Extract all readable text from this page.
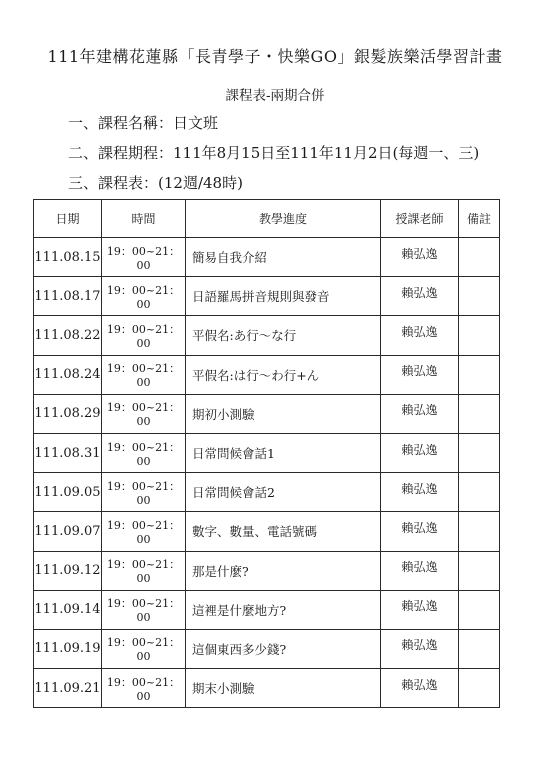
111年建構花蓮縣「長青學子・快樂GO」銀髮族樂活學習計畫
課程表-兩期合併
一、課程名稱：日文班
二、課程期程：111年8月15日至111年11月2日(每週一、三)
三、課程表：(12週/48時)
日期	時間	教學進度	授課老師	備註
111.08.15	19：00~21：00	簡易自我介紹	賴弘逸	
111.08.17	19：00~21：00	日語羅馬拼音規則與發音	賴弘逸	
111.08.22	19：00~21：00	平假名:あ行～な行	賴弘逸	
111.08.24	19：00~21：00	平假名:は行～わ行+ん	賴弘逸	
111.08.29	19：00~21：00	期初小測驗	賴弘逸	
111.08.31	19：00~21：00	日常問候會話1	賴弘逸	
111.09.05	19：00~21：00	日常問候會話2	賴弘逸	
111.09.07	19：00~21：00	數字、數量、電話號碼	賴弘逸	
111.09.12	19：00~21：00	那是什麼?	賴弘逸	
111.09.14	19：00~21：00	這裡是什麼地方?	賴弘逸	
111.09.19	19：00~21：00	這個東西多少錢?	賴弘逸	
111.09.21	19：00~21：00	期末小測驗	賴弘逸	
